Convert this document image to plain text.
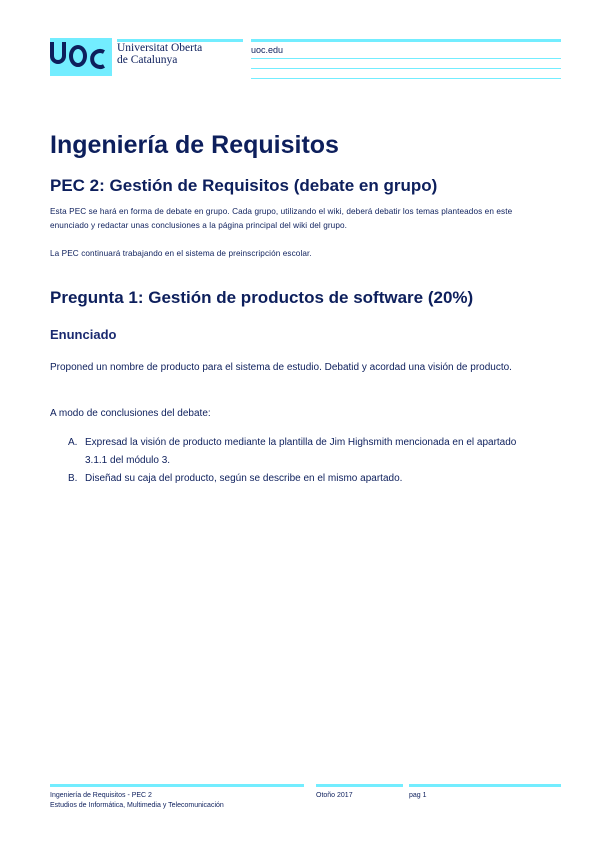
Universitat Oberta
de Catalunya
uoc.edu
Ingeniería de Requisitos
PEC 2: Gestión de Requisitos (debate en grupo)

Esta PEC se hará en forma de debate en grupo. Cada grupo, utilizando el wiki, deberá debatir los temas planteados en este enunciado y redactar unas conclusiones a la página principal del wiki del grupo.

La PEC continuará trabajando en el sistema de preinscripción escolar.

Pregunta 1: Gestión de productos de software (20%)
Enunciado

Proponed un nombre de producto para el sistema de estudio. Debatid y acordad una visión de producto.

A modo de conclusiones del debate:

A. Expresad la visión de producto mediante la plantilla de Jim Highsmith mencionada en el apartado 3.1.1 del módulo 3.
B. Diseñad su caja del producto, según se describe en el mismo apartado.

Ingeniería de Requisitos - PEC 2

Estudios de Informática, Multimedia y Telecomunicación

Otoño 2017	pag 1
